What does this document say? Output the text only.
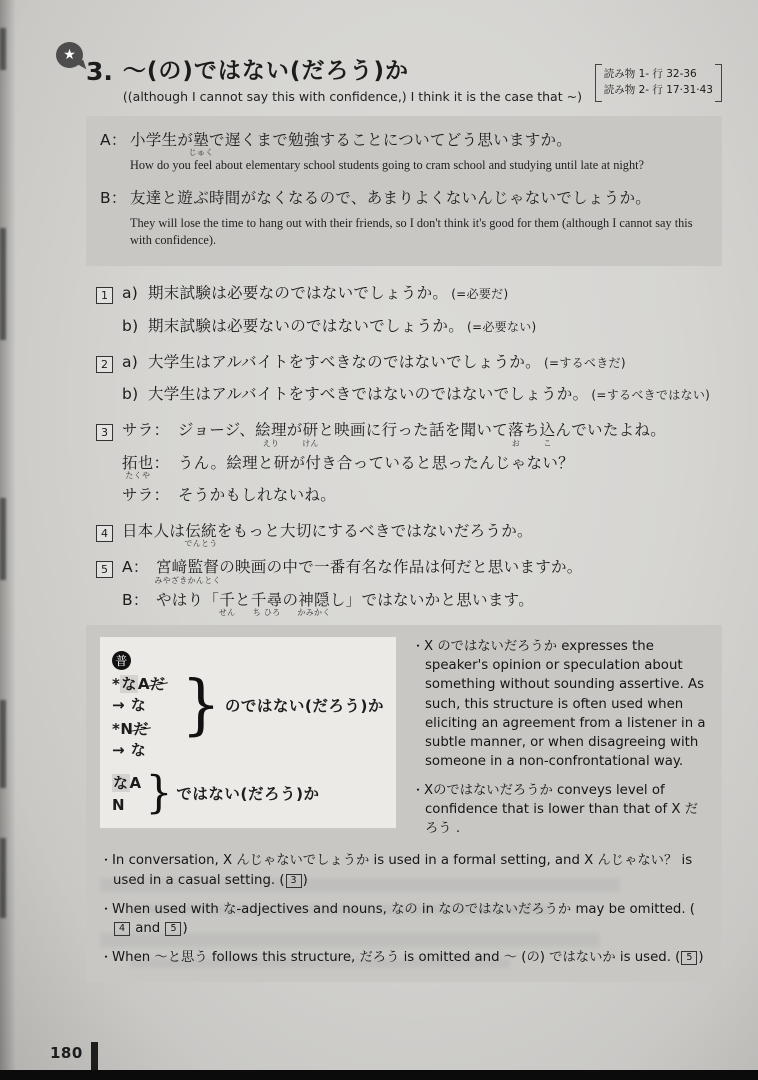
★
3. ～(の)ではない(だろう)か
((although I cannot say this with confidence,) I think it is the case that ~)
読み物 1- 行 32-36
読み物 2- 行 17·31·43
A： 小学生が塾
じゅく
で遅くまで勉強することについてどう思いますか。
How do you feel about elementary school students going to cram school and studying until late at night?
B： 友達と遊ぶ時間がなくなるので、あまりよくないんじゃないでしょうか。
They will lose the time to hang out with their friends, so I don't think it's good for them (although I cannot say this with confidence).
1 a) 期末試験は必要なのではないでしょうか。 (=必要だ)
b) 期末試験は必要ないのではないでしょうか。 (=必要ない)
2 a) 大学生はアルバイトをすべきなのではないでしょうか。 (=するべきだ)
b) 大学生はアルバイトをすべきではないのではないでしょうか。 (=するべきではない)
3 サラ： ジョージ、絵理
えり
が研
けん
と映画に行った話を聞いて落
お
ち込
こ
んでいたよね。
拓也
たくや
： うん。絵理と研が付き合っていると思ったんじゃない？
サラ： そうかもしれないね。
4 日本人は伝統
でんとう
をもっと大切にするべきではないだろうか。
5 A： 宮﨑監督
みやざきかんとく
の映画の中で一番有名な作品は何だと思いますか。
B： やはり「千
せん
と千尋
ち ひろ
の神隠
かみかく
し」ではないかと思います。
普
*なAだ → な
*Nだ　→ な
} のではない(だろう)か
なA
N } ではない(だろう)か
・ X のではないだろうか expresses the speaker's opinion or speculation about something without sounding assertive. As such, this structure is often used when eliciting an agreement from a listener in a subtle manner, or when disagreeing with someone in a non-confrontational way.
・ Xのではないだろうか conveys level of confidence that is lower than that of X だろう .
・ In conversation, X んじゃないでしょうか is used in a formal setting, and X んじゃない？ is used in a casual setting. ( 3 )
・ When used with な-adjectives and nouns, なの in なのではないだろうか may be omitted. (4 and 5 )
・ When ～と思う follows this structure, だろう is omitted and ～ (の) ではないか is used. ( 5 )
180
